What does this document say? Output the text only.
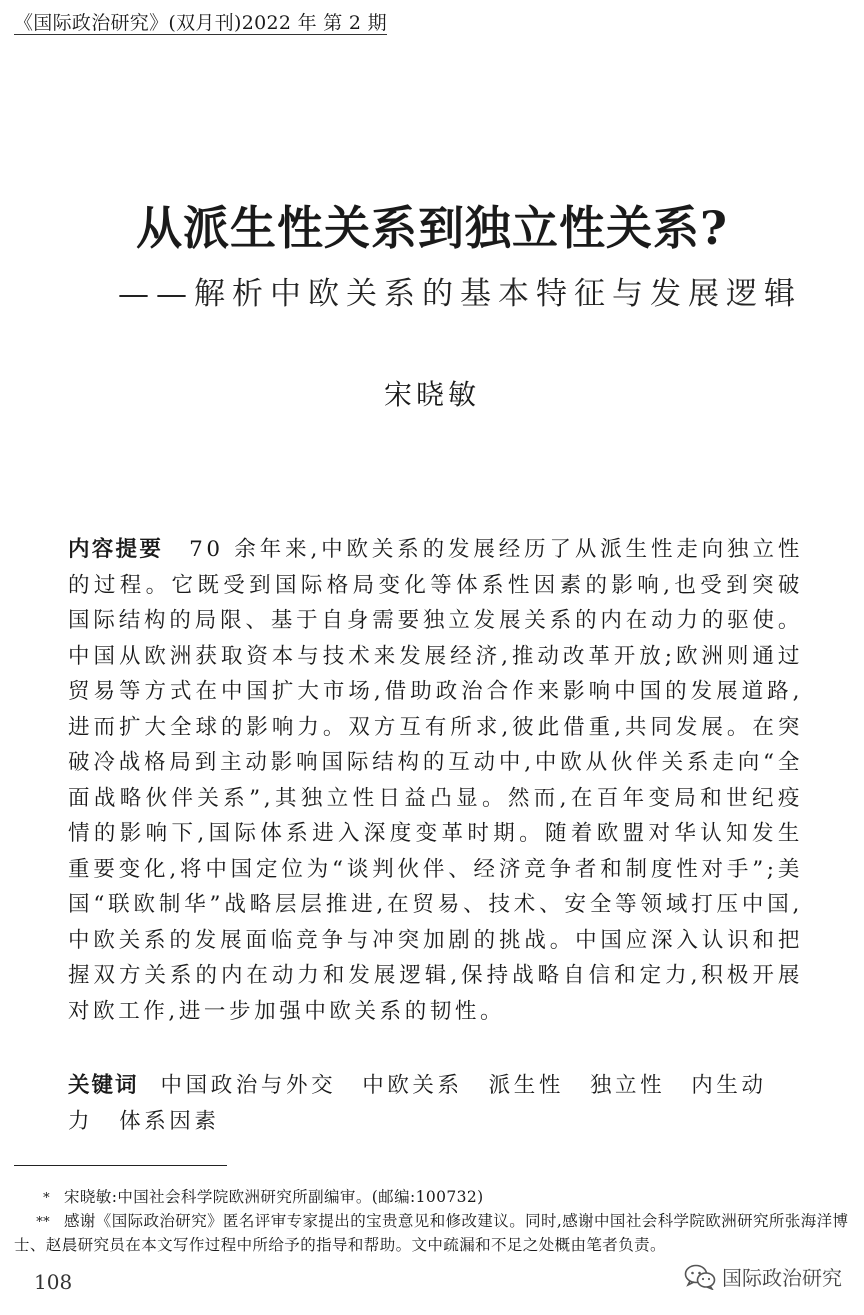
《国际政治研究》(双月刊)2022 年 第 2 期
从派生性关系到独立性关系?
——解析中欧关系的基本特征与发展逻辑
宋晓敏
内容提要 70 余年来,中欧关系的发展经历了从派生性走向独立性的过程。它既受到国际格局变化等体系性因素的影响,也受到突破国际结构的局限、基于自身需要独立发展关系的内在动力的驱使。中国从欧洲获取资本与技术来发展经济,推动改革开放;欧洲则通过贸易等方式在中国扩大市场,借助政治合作来影响中国的发展道路,进而扩大全球的影响力。双方互有所求,彼此借重,共同发展。在突破冷战格局到主动影响国际结构的互动中,中欧从伙伴关系走向“全面战略伙伴关系”,其独立性日益凸显。然而,在百年变局和世纪疫情的影响下,国际体系进入深度变革时期。随着欧盟对华认知发生重要变化,将中国定位为“谈判伙伴、经济竞争者和制度性对手”;美国“联欧制华”战略层层推进,在贸易、技术、安全等领域打压中国,中欧关系的发展面临竞争与冲突加剧的挑战。中国应深入认识和把握双方关系的内在动力和发展逻辑,保持战略自信和定力,积极开展对欧工作,进一步加强中欧关系的韧性。
关键词 中国政治与外交 中欧关系 派生性 独立性 内生动力 体系因素
* 宋晓敏:中国社会科学院欧洲研究所副编审。(邮编:100732)
** 感谢《国际政治研究》匿名评审专家提出的宝贵意见和修改建议。同时,感谢中国社会科学院欧洲研究所张海洋博士、赵晨研究员在本文写作过程中所给予的指导和帮助。文中疏漏和不足之处概由笔者负责。
108	国际政治研究
